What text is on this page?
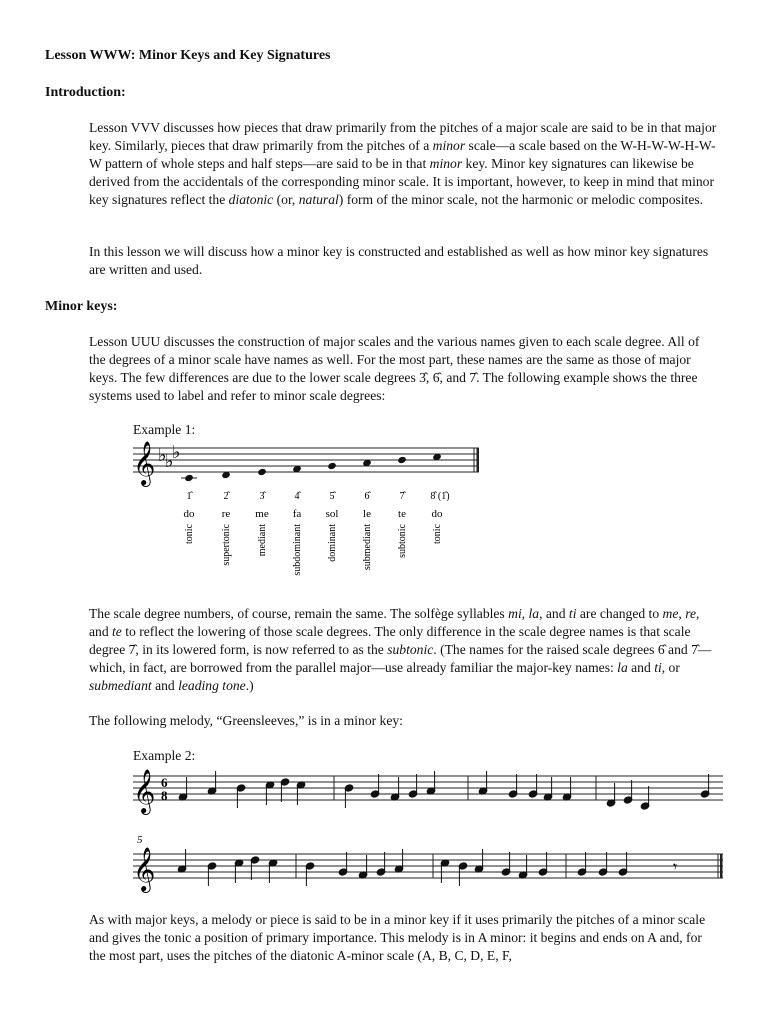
Lesson WWW: Minor Keys and Key Signatures
Introduction:
Lesson VVV discusses how pieces that draw primarily from the pitches of a major scale are said to be in that major key. Similarly, pieces that draw primarily from the pitches of a minor scale—a scale based on the W-H-W-W-H-W-W pattern of whole steps and half steps—are said to be in that minor key. Minor key signatures can likewise be derived from the accidentals of the corresponding minor scale. It is important, however, to keep in mind that minor key signatures reflect the diatonic (or, natural) form of the minor scale, not the harmonic or melodic composites.
In this lesson we will discuss how a minor key is constructed and established as well as how minor key signatures are written and used.
Minor keys:
Lesson UUU discusses the construction of major scales and the various names given to each scale degree. All of the degrees of a minor scale have names as well. For the most part, these names are the same as those of major keys. The few differences are due to the lower scale degrees 3̂, 6̂, and 7̂. The following example shows the three systems used to label and refer to minor scale degrees:
Example 1:
𝄞 ♭
♭
♭
1̂	2̂	3̂	4̂	5̂	6̂	7̂	8̂ (1̂)
do re me fa sol le te do
tonic	supertonic	mediant subdominant dominant submediant subtonic tonic
The scale degree numbers, of course, remain the same. The solfège syllables mi, la, and ti are changed to me, re, and te to reflect the lowering of those scale degrees. The only difference in the scale degree names is that scale degree 7̂, in its lowered form, is now referred to as the subtonic. (The names for the raised scale degrees 6̂ and 7̂—which, in fact, are borrowed from the parallel major—use already familiar the major-key names: la and ti, or submediant and leading tone.)
The following melody, “Greensleeves,” is in a minor key:
Example 2:
𝄞 6
8
5
𝄞	𝄾
As with major keys, a melody or piece is said to be in a minor key if it uses primarily the pitches of a minor scale and gives the tonic a position of primary importance. This melody is in A minor: it begins and ends on A and, for the most part, uses the pitches of the diatonic A-minor scale (A, B, C, D, E, F,
